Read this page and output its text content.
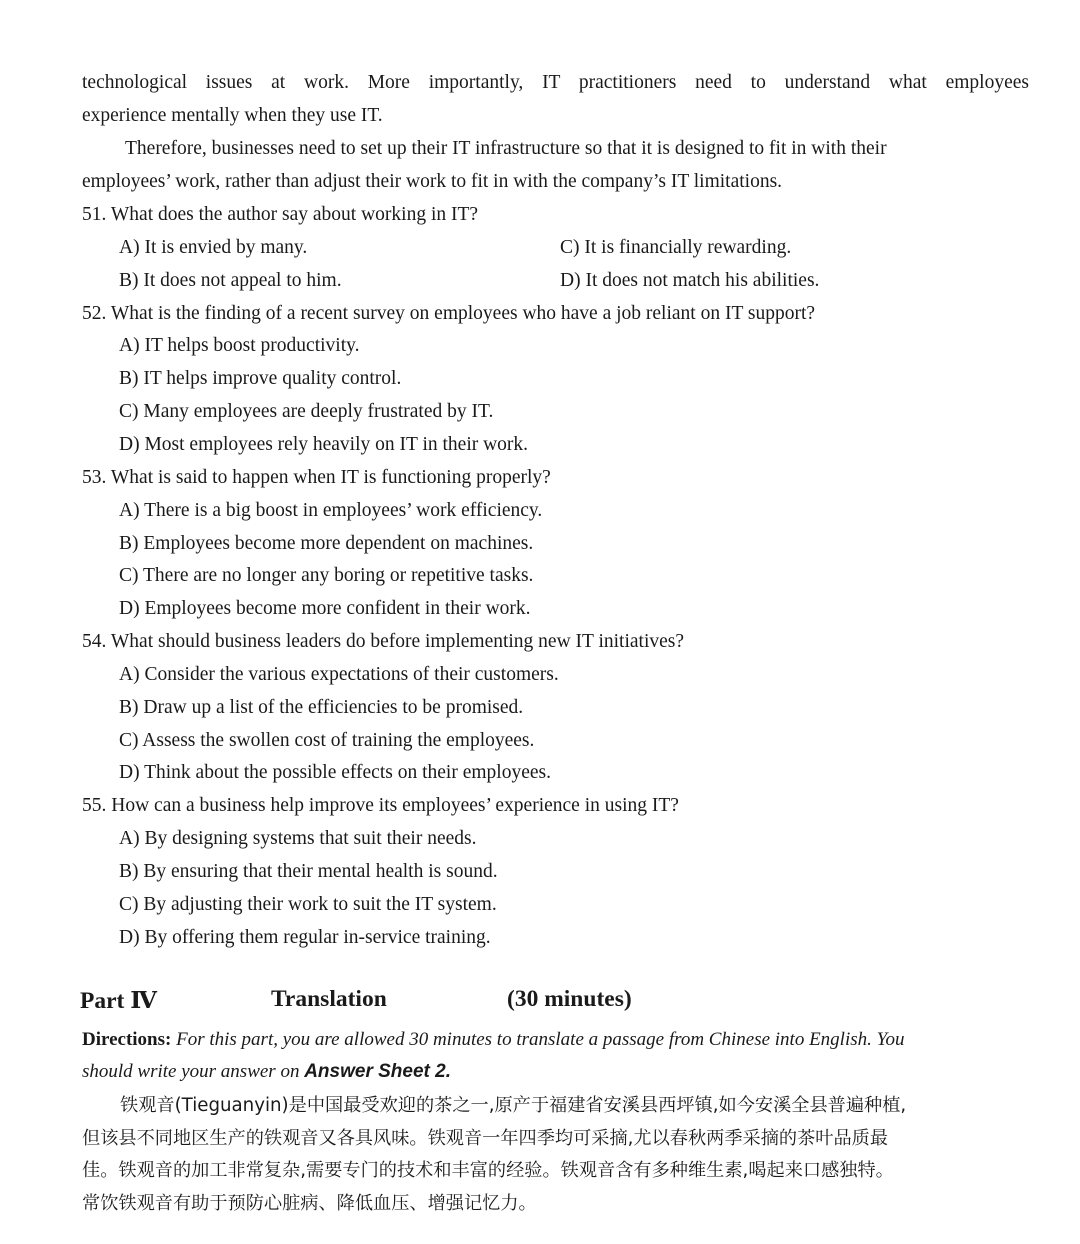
technological issues at work. More importantly, IT practitioners need to understand what employees
experience mentally when they use IT.
Therefore, businesses need to set up their IT infrastructure so that it is designed to fit in with their
employees’ work, rather than adjust their work to fit in with the company’s IT limitations.
51. What does the author say about working in IT?
A) It is envied by many.
B) It does not appeal to him.
C) It is financially rewarding.
D) It does not match his abilities.
52. What is the finding of a recent survey on employees who have a job reliant on IT support?
A) IT helps boost productivity.
B) IT helps improve quality control.
C) Many employees are deeply frustrated by IT.
D) Most employees rely heavily on IT in their work.
53. What is said to happen when IT is functioning properly?
A) There is a big boost in employees’ work efficiency.
B) Employees become more dependent on machines.
C) There are no longer any boring or repetitive tasks.
D) Employees become more confident in their work.
54. What should business leaders do before implementing new IT initiatives?
A) Consider the various expectations of their customers.
B) Draw up a list of the efficiencies to be promised.
C) Assess the swollen cost of training the employees.
D) Think about the possible effects on their employees.
55. How can a business help improve its employees’ experience in using IT?
A) By designing systems that suit their needs.
B) By ensuring that their mental health is sound.
C) By adjusting their work to suit the IT system.
D) By offering them regular in-service training.
Part Ⅳ	Translation	(30 minutes)
Directions: For this part, you are allowed 30 minutes to translate a passage from Chinese into English. You
should write your answer on Answer Sheet 2.
铁观音(Tieguanyin)是中国最受欢迎的茶之一,原产于福建省安溪县西坪镇,如今安溪全县普遍种植,
但该县不同地区生产的铁观音又各具风味。铁观音一年四季均可采摘,尤以春秋两季采摘的茶叶品质最
佳。铁观音的加工非常复杂,需要专门的技术和丰富的经验。铁观音含有多种维生素,喝起来口感独特。
常饮铁观音有助于预防心脏病、降低血压、增强记忆力。
